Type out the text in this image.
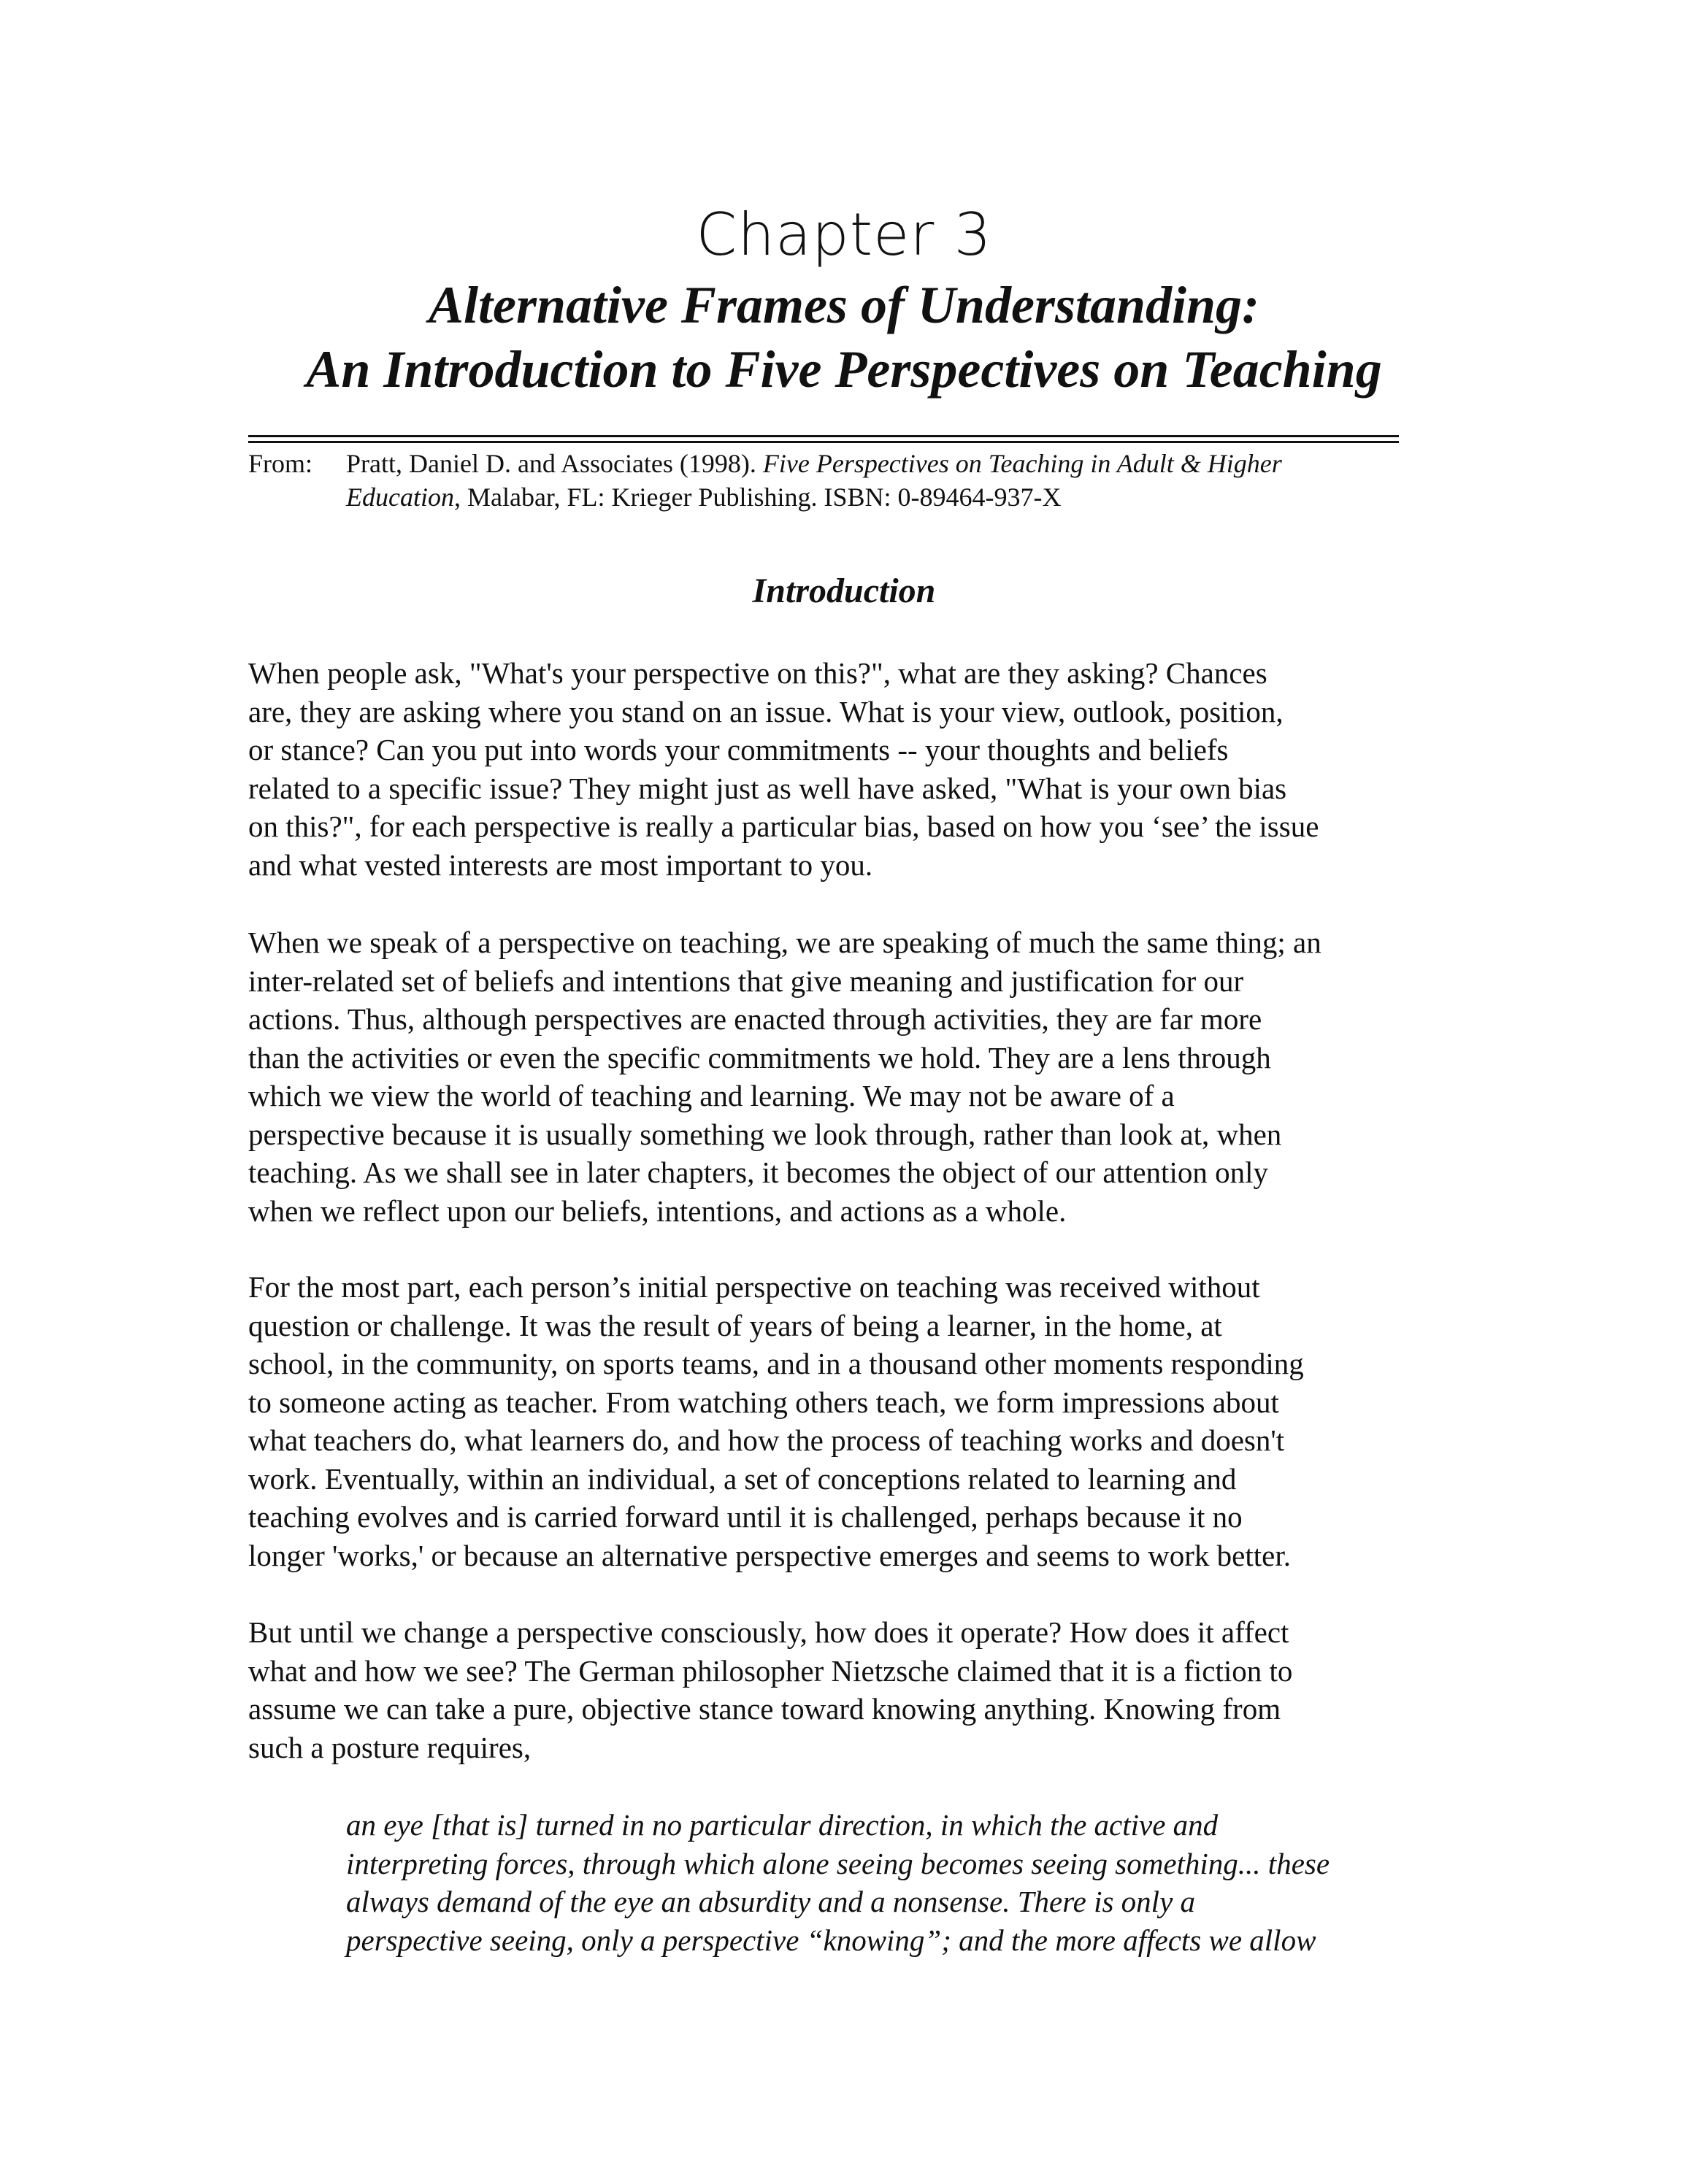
Chapter 3
Alternative Frames of Understanding:
An Introduction to Five Perspectives on Teaching
From: Pratt, Daniel D. and Associates (1998). Five Perspectives on Teaching in Adult & Higher
Education, Malabar, FL: Krieger Publishing. ISBN: 0-89464-937-X
Introduction

When people ask, "What's your perspective on this?", what are they asking? Chances
are, they are asking where you stand on an issue. What is your view, outlook, position,
or stance? Can you put into words your commitments -- your thoughts and beliefs
related to a specific issue? They might just as well have asked, "What is your own bias
on this?", for each perspective is really a particular bias, based on how you ‘see’ the issue
and what vested interests are most important to you.

When we speak of a perspective on teaching, we are speaking of much the same thing; an
inter-related set of beliefs and intentions that give meaning and justification for our
actions. Thus, although perspectives are enacted through activities, they are far more
than the activities or even the specific commitments we hold. They are a lens through
which we view the world of teaching and learning. We may not be aware of a
perspective because it is usually something we look through, rather than look at, when
teaching. As we shall see in later chapters, it becomes the object of our attention only
when we reflect upon our beliefs, intentions, and actions as a whole.

For the most part, each person’s initial perspective on teaching was received without
question or challenge. It was the result of years of being a learner, in the home, at
school, in the community, on sports teams, and in a thousand other moments responding
to someone acting as teacher. From watching others teach, we form impressions about
what teachers do, what learners do, and how the process of teaching works and doesn't
work. Eventually, within an individual, a set of conceptions related to learning and
teaching evolves and is carried forward until it is challenged, perhaps because it no
longer 'works,' or because an alternative perspective emerges and seems to work better.

But until we change a perspective consciously, how does it operate? How does it affect
what and how we see? The German philosopher Nietzsche claimed that it is a fiction to
assume we can take a pure, objective stance toward knowing anything. Knowing from
such a posture requires,

an eye [that is] turned in no particular direction, in which the active and
interpreting forces, through which alone seeing becomes seeing something... these
always demand of the eye an absurdity and a nonsense. There is only a
perspective seeing, only a perspective “knowing”; and the more affects we allow
